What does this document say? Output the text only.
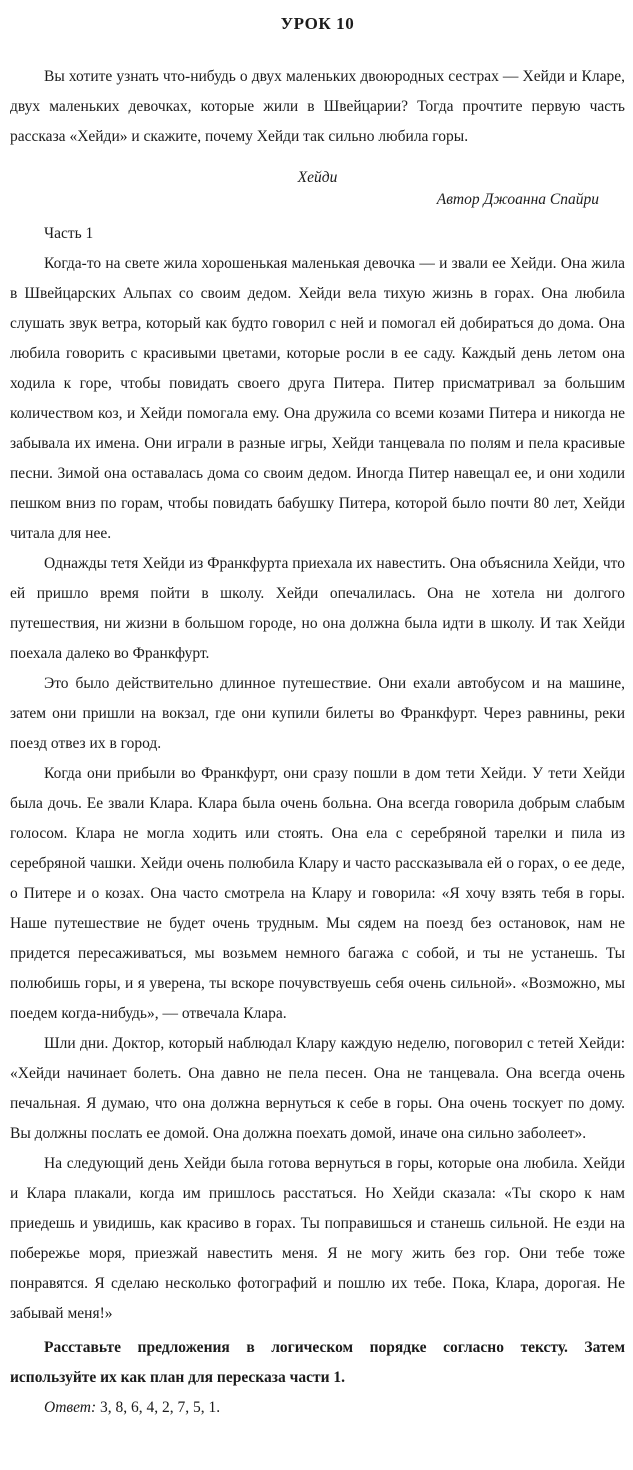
УРОК 10

Вы хотите узнать что-нибудь о двух маленьких двоюродных сестрах — Хейди и Кларе, двух маленьких девочках, которые жили в Швейцарии? Тогда прочтите первую часть рассказа «Хейди» и скажите, почему Хейди так сильно любила горы.

Хейди
Автор Джоанна Спайри

Часть 1

Когда-то на свете жила хорошенькая маленькая девочка — и звали ее Хейди. Она жила в Швейцарских Альпах со своим дедом. Хейди вела тихую жизнь в горах. Она любила слушать звук ветра, который как будто говорил с ней и помогал ей добираться до дома. Она любила говорить с красивыми цветами, которые росли в ее саду. Каждый день летом она ходила к горе, чтобы повидать своего друга Питера. Питер присматривал за большим количеством коз, и Хейди помогала ему. Она дружила со всеми козами Питера и никогда не забывала их имена. Они играли в разные игры, Хейди танцевала по полям и пела красивые песни. Зимой она оставалась дома со своим дедом. Иногда Питер навещал ее, и они ходили пешком вниз по горам, чтобы повидать бабушку Питера, которой было почти 80 лет, Хейди читала для нее.

Однажды тетя Хейди из Франкфурта приехала их навестить. Она объяснила Хейди, что ей пришло время пойти в школу. Хейди опечалилась. Она не хотела ни долгого путешествия, ни жизни в большом городе, но она должна была идти в школу. И так Хейди поехала далеко во Франкфурт.

Это было действительно длинное путешествие. Они ехали автобусом и на машине, затем они пришли на вокзал, где они купили билеты во Франкфурт. Через равнины, реки поезд отвез их в город.

Когда они прибыли во Франкфурт, они сразу пошли в дом тети Хейди. У тети Хейди была дочь. Ее звали Клара. Клара была очень больна. Она всегда говорила добрым слабым голосом. Клара не могла ходить или стоять. Она ела с серебряной тарелки и пила из серебряной чашки. Хейди очень полюбила Клару и часто рассказывала ей о горах, о ее деде, о Питере и о козах. Она часто смотрела на Клару и говорила: «Я хочу взять тебя в горы. Наше путешествие не будет очень трудным. Мы сядем на поезд без остановок, нам не придется пересаживаться, мы возьмем немного багажа с собой, и ты не устанешь. Ты полюбишь горы, и я уверена, ты вскоре почувствуешь себя очень сильной». «Возможно, мы поедем когда-нибудь», — отвечала Клара.

Шли дни. Доктор, который наблюдал Клару каждую неделю, поговорил с тетей Хейди: «Хейди начинает болеть. Она давно не пела песен. Она не танцевала. Она всегда очень печальная. Я думаю, что она должна вернуться к себе в горы. Она очень тоскует по дому. Вы должны послать ее домой. Она должна поехать домой, иначе она сильно заболеет».

На следующий день Хейди была готова вернуться в горы, которые она любила. Хейди и Клара плакали, когда им пришлось расстаться. Но Хейди сказала: «Ты скоро к нам приедешь и увидишь, как красиво в горах. Ты поправишься и станешь сильной. Не езди на побережье моря, приезжай навестить меня. Я не могу жить без гор. Они тебе тоже понравятся. Я сделаю несколько фотографий и пошлю их тебе. Пока, Клара, дорогая. Не забывай меня!»

Расставьте предложения в логическом порядке согласно тексту. Затем используйте их как план для пересказа части 1.

Ответ: 3, 8, 6, 4, 2, 7, 5, 1.
